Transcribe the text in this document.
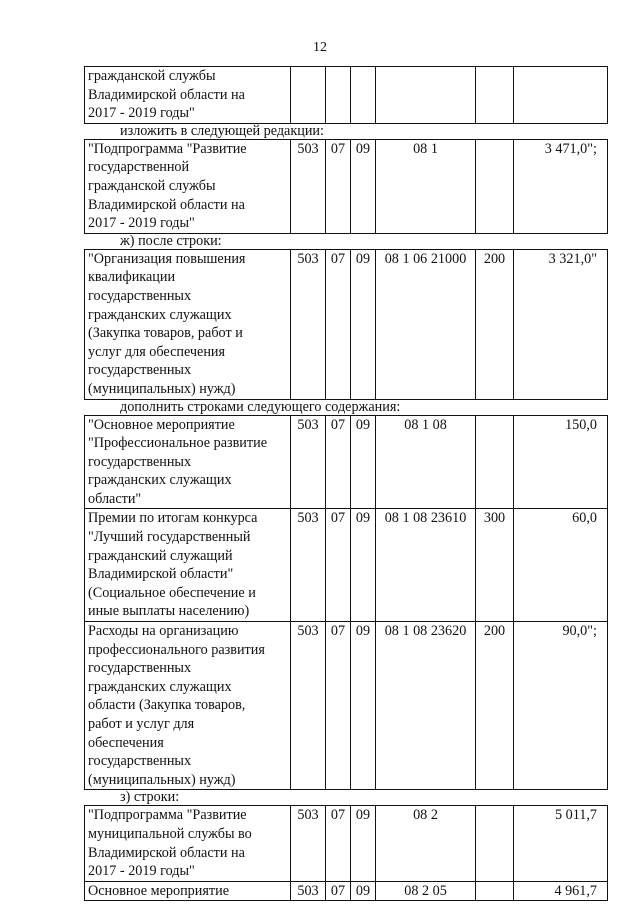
12
гражданской службы
Владимирской области на
2017 - 2019 годы"
изложить в следующей редакции:
"Подпрограмма "Развитие
государственной
гражданской службы
Владимирской области на
2017 - 2019 годы"
503 07 09	08 1	3 471,0";
ж) после строки:
"Организация повышения
квалификации
государственных
гражданских служащих
(Закупка товаров, работ и
услуг для обеспечения
государственных
(муниципальных) нужд)
503 07 09	08 1 06 21000	200	3 321,0"
дополнить строками следующего содержания:
"Основное мероприятие
"Профессиональное развитие
государственных
гражданских служащих
области"
503 07 09	08 1 08	150,0
Премии по итогам конкурса
"Лучший государственный
гражданский служащий
Владимирской области"
(Социальное обеспечение и
иные выплаты населению)
503 07 09	08 1 08 23610	300	60,0
Расходы на организацию
профессионального развития
государственных
гражданских служащих
области (Закупка товаров,
работ и услуг для
обеспечения
государственных
(муниципальных) нужд)
503 07 09	08 1 08 23620	200	90,0";
з) строки:
"Подпрограмма "Развитие
муниципальной службы во
Владимирской области на
2017 - 2019 годы"
503 07 09	08 2	5 011,7
Основное мероприятие	503 07 09	08 2 05	4 961,7
